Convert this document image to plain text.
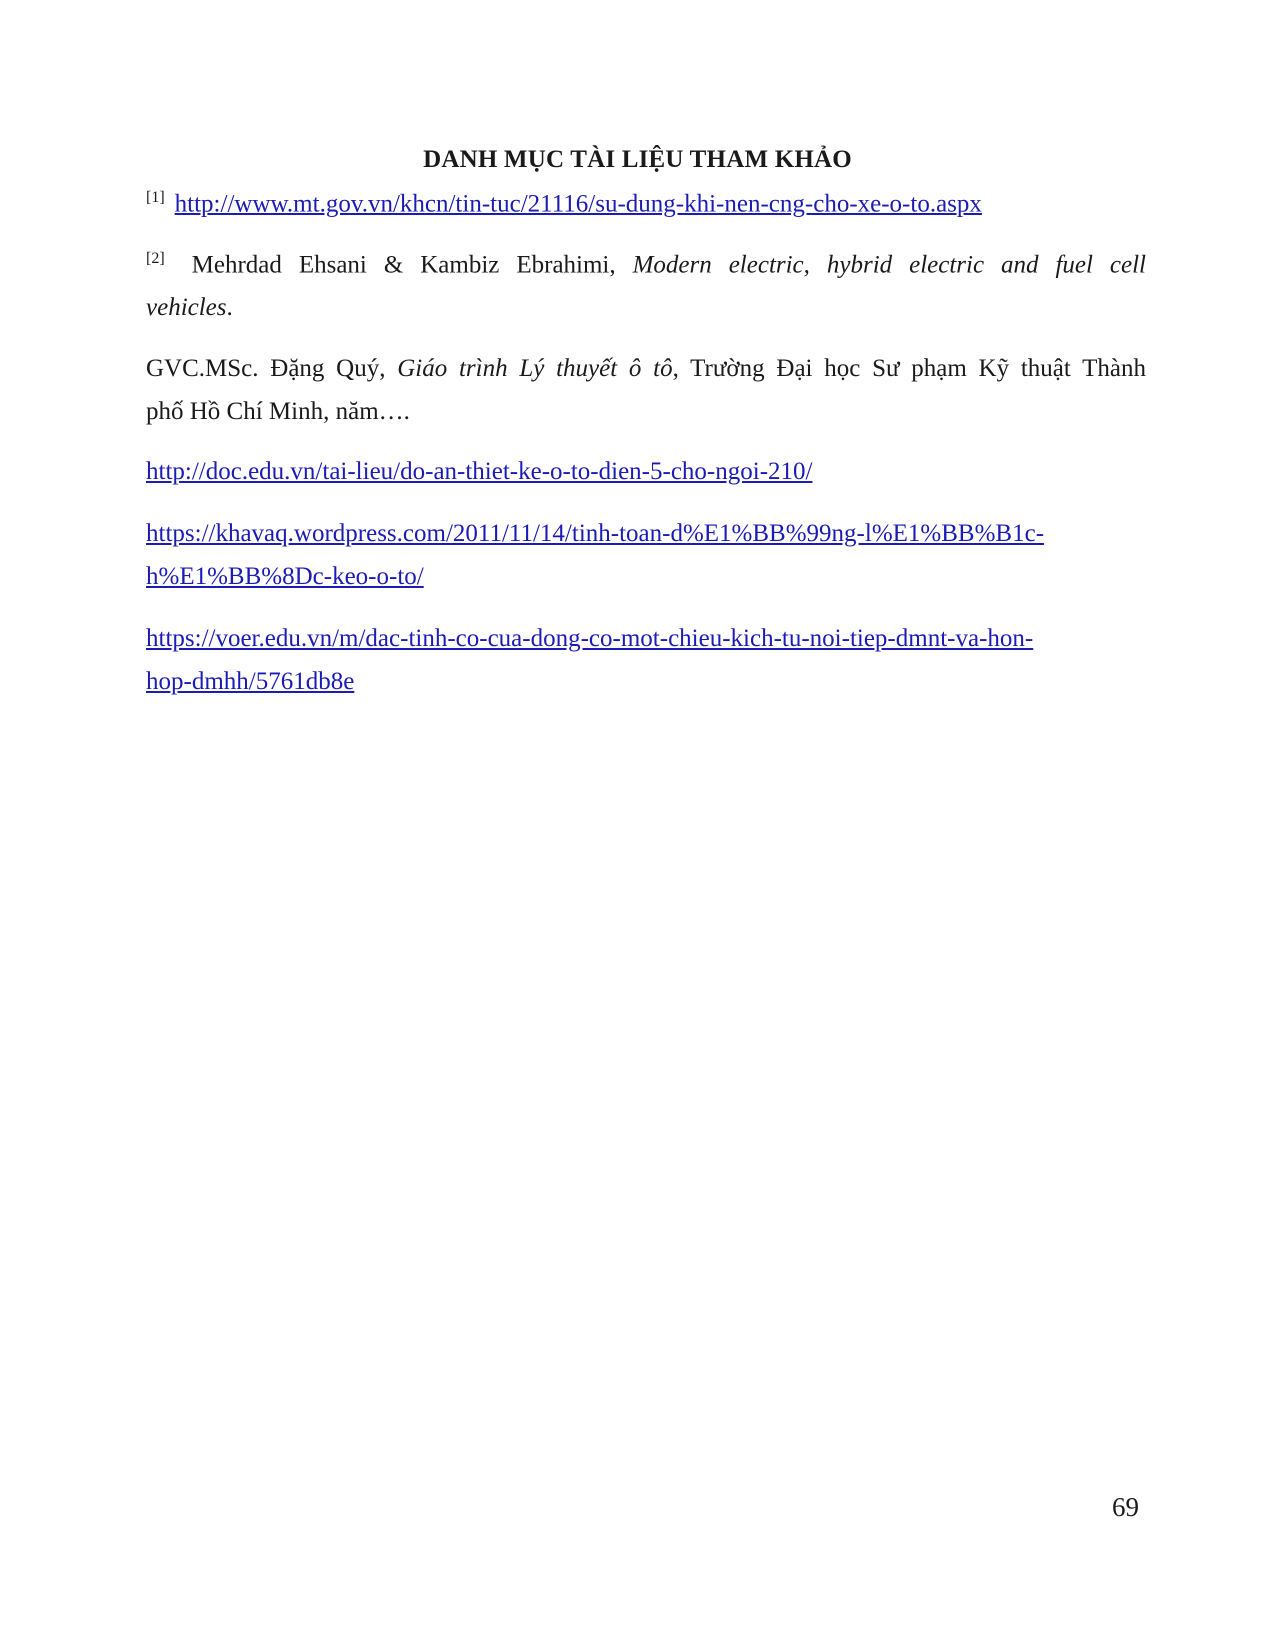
DANH MỤC TÀI LIỆU THAM KHẢO
[1] http://www.mt.gov.vn/khcn/tin-tuc/21116/su-dung-khi-nen-cng-cho-xe-o-to.aspx
[2] Mehrdad Ehsani & Kambiz Ebrahimi, Modern electric, hybrid electric and fuel cell
vehicles.
GVC.MSc. Đặng Quý, Giáo trình Lý thuyết ô tô, Trường Đại học Sư phạm Kỹ thuật Thành
phố Hồ Chí Minh, năm….
http://doc.edu.vn/tai-lieu/do-an-thiet-ke-o-to-dien-5-cho-ngoi-210/
https://khavaq.wordpress.com/2011/11/14/tinh-toan-d%E1%BB%99ng-l%E1%BB%B1c-
h%E1%BB%8Dc-keo-o-to/
https://voer.edu.vn/m/dac-tinh-co-cua-dong-co-mot-chieu-kich-tu-noi-tiep-dmnt-va-hon-
hop-dmhh/5761db8e
69
